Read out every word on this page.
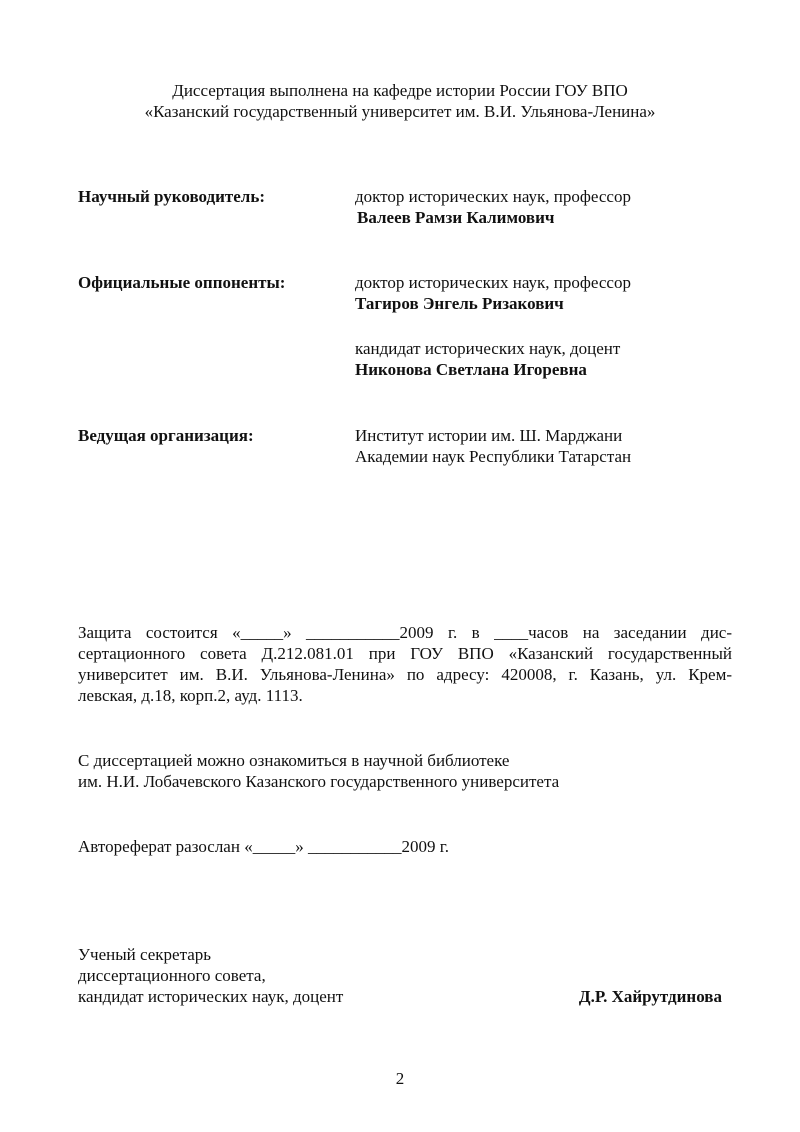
Диссертация выполнена на кафедре истории России ГОУ ВПО
«Казанский государственный университет им. В.И. Ульянова-Ленина»
Научный руководитель:	доктор исторических наук, профессор
Валеев Рамзи Калимович
Официальные оппоненты:	доктор исторических наук, профессор
Тагиров Энгель Ризакович
кандидат исторических наук, доцент
Никонова Светлана Игоревна
Ведущая организация:	Институт истории им. Ш. Марджани
Академии наук Республики Татарстан
Защита состоится «_____» ___________2009 г. в ____часов на заседании дис-
сертационного совета Д.212.081.01 при ГОУ ВПО «Казанский государственный
университет им. В.И. Ульянова-Ленина» по адресу: 420008, г. Казань, ул. Крем-
левская, д.18, корп.2, ауд. 1113.
С диссертацией можно ознакомиться в научной библиотеке
им. Н.И. Лобачевского Казанского государственного университета
Автореферат разослан «_____» ___________2009 г.
Ученый секретарь
диссертационного совета,
кандидат исторических наук, доцент	Д.Р. Хайрутдинова
2
